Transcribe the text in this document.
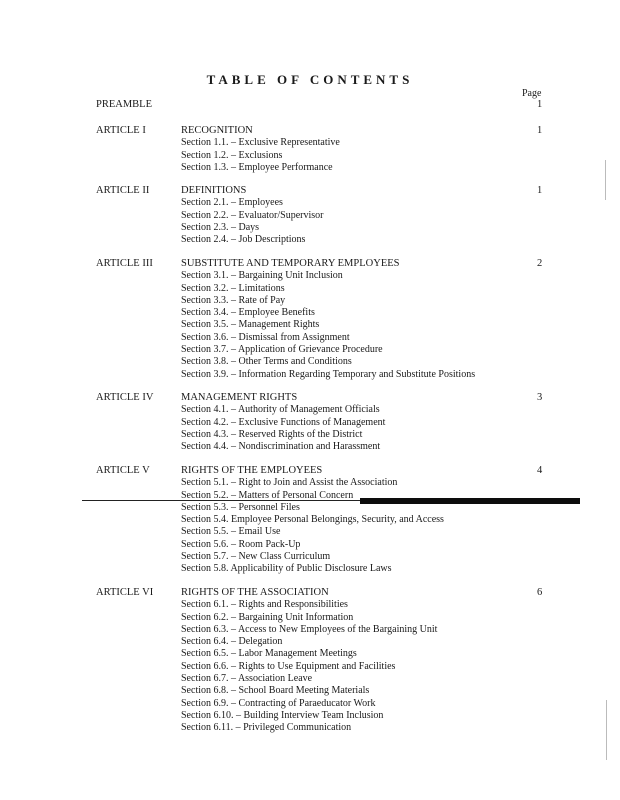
TABLE OF CONTENTS
Page
PREAMBLE	1
ARTICLE I	RECOGNITION	1
Section 1.1. – Exclusive Representative
Section 1.2. – Exclusions
Section 1.3. – Employee Performance
ARTICLE II	DEFINITIONS	1
Section 2.1. – Employees
Section 2.2. – Evaluator/Supervisor
Section 2.3. – Days
Section 2.4. – Job Descriptions
ARTICLE III	SUBSTITUTE AND TEMPORARY EMPLOYEES	2
Section 3.1. – Bargaining Unit Inclusion
Section 3.2. – Limitations
Section 3.3. – Rate of Pay
Section 3.4. – Employee Benefits
Section 3.5. – Management Rights
Section 3.6. – Dismissal from Assignment
Section 3.7. – Application of Grievance Procedure
Section 3.8. – Other Terms and Conditions
Section 3.9. – Information Regarding Temporary and Substitute Positions
ARTICLE IV	MANAGEMENT RIGHTS	3
Section 4.1. – Authority of Management Officials
Section 4.2. – Exclusive Functions of Management
Section 4.3. – Reserved Rights of the District
Section 4.4. – Nondiscrimination and Harassment
ARTICLE V	RIGHTS OF THE EMPLOYEES	4
Section 5.1. – Right to Join and Assist the Association
Section 5.2. – Matters of Personal Concern
Section 5.3. – Personnel Files
Section 5.4. Employee Personal Belongings, Security, and Access
Section 5.5. – Email Use
Section 5.6. – Room Pack-Up
Section 5.7. – New Class Curriculum
Section 5.8. Applicability of Public Disclosure Laws
ARTICLE VI	RIGHTS OF THE ASSOCIATION	6
Section 6.1. – Rights and Responsibilities
Section 6.2. – Bargaining Unit Information
Section 6.3. – Access to New Employees of the Bargaining Unit
Section 6.4. – Delegation
Section 6.5. – Labor Management Meetings
Section 6.6. – Rights to Use Equipment and Facilities
Section 6.7. – Association Leave
Section 6.8. – School Board Meeting Materials
Section 6.9. – Contracting of Paraeducator Work
Section 6.10. – Building Interview Team Inclusion
Section 6.11. – Privileged Communication
